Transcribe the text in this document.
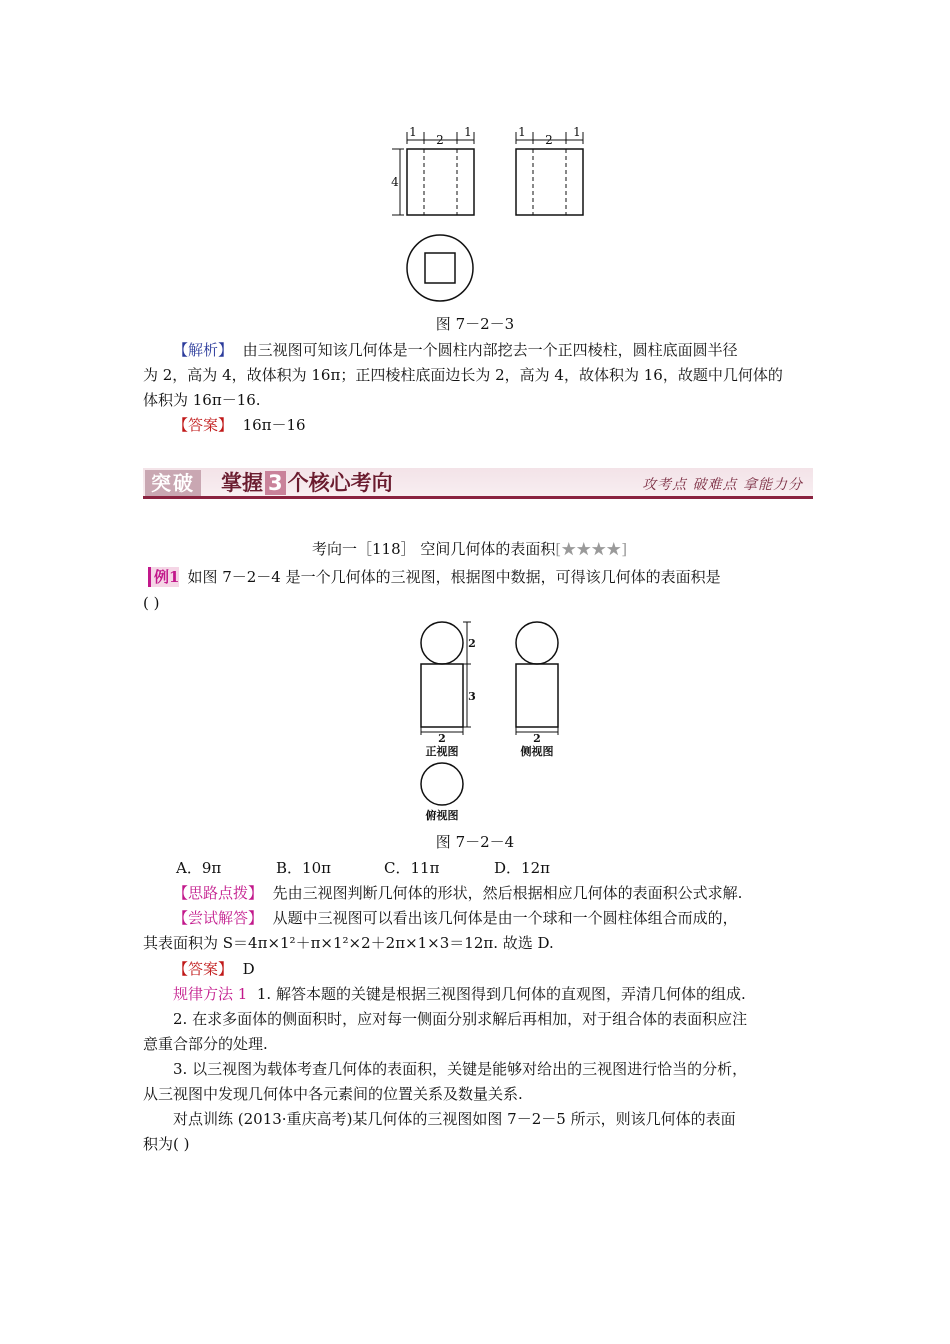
1
2
1
4
1
2
1
图 7－2－3
【解析】 由三视图可知该几何体是一个圆柱内部挖去一个正四棱柱，圆柱底面圆半径
为 2，高为 4，故体积为 16π；正四棱柱底面边长为 2，高为 4，故体积为 16，故题中几何体的
体积为 16π－16.
【答案】 16π－16
突破 掌握 3 个核心考向	攻考点 破难点 拿能力分
考向一［118］ 空间几何体的表面积[★★★★]
例1 如图 7－2－4 是一个几何体的三视图，根据图中数据，可得该几何体的表面积是
( )
2
3
2	2
正视图	侧视图
俯视图
图 7－2－4
A．9π	B．10π	C．11π	D．12π
【思路点拨】 先由三视图判断几何体的形状，然后根据相应几何体的表面积公式求解.
【尝试解答】 从题中三视图可以看出该几何体是由一个球和一个圆柱体组合而成的，
其表面积为 S＝4π×1²＋π×1²×2＋2π×1×3＝12π. 故选 D.
【答案】 D
规律方法 1 1. 解答本题的关键是根据三视图得到几何体的直观图，弄清几何体的组成.
2. 在求多面体的侧面积时，应对每一侧面分别求解后再相加，对于组合体的表面积应注
意重合部分的处理.
3. 以三视图为载体考查几何体的表面积，关键是能够对给出的三视图进行恰当的分析，
从三视图中发现几何体中各元素间的位置关系及数量关系.
对点训练 (2013·重庆高考)某几何体的三视图如图 7－2－5 所示，则该几何体的表面
积为( )
